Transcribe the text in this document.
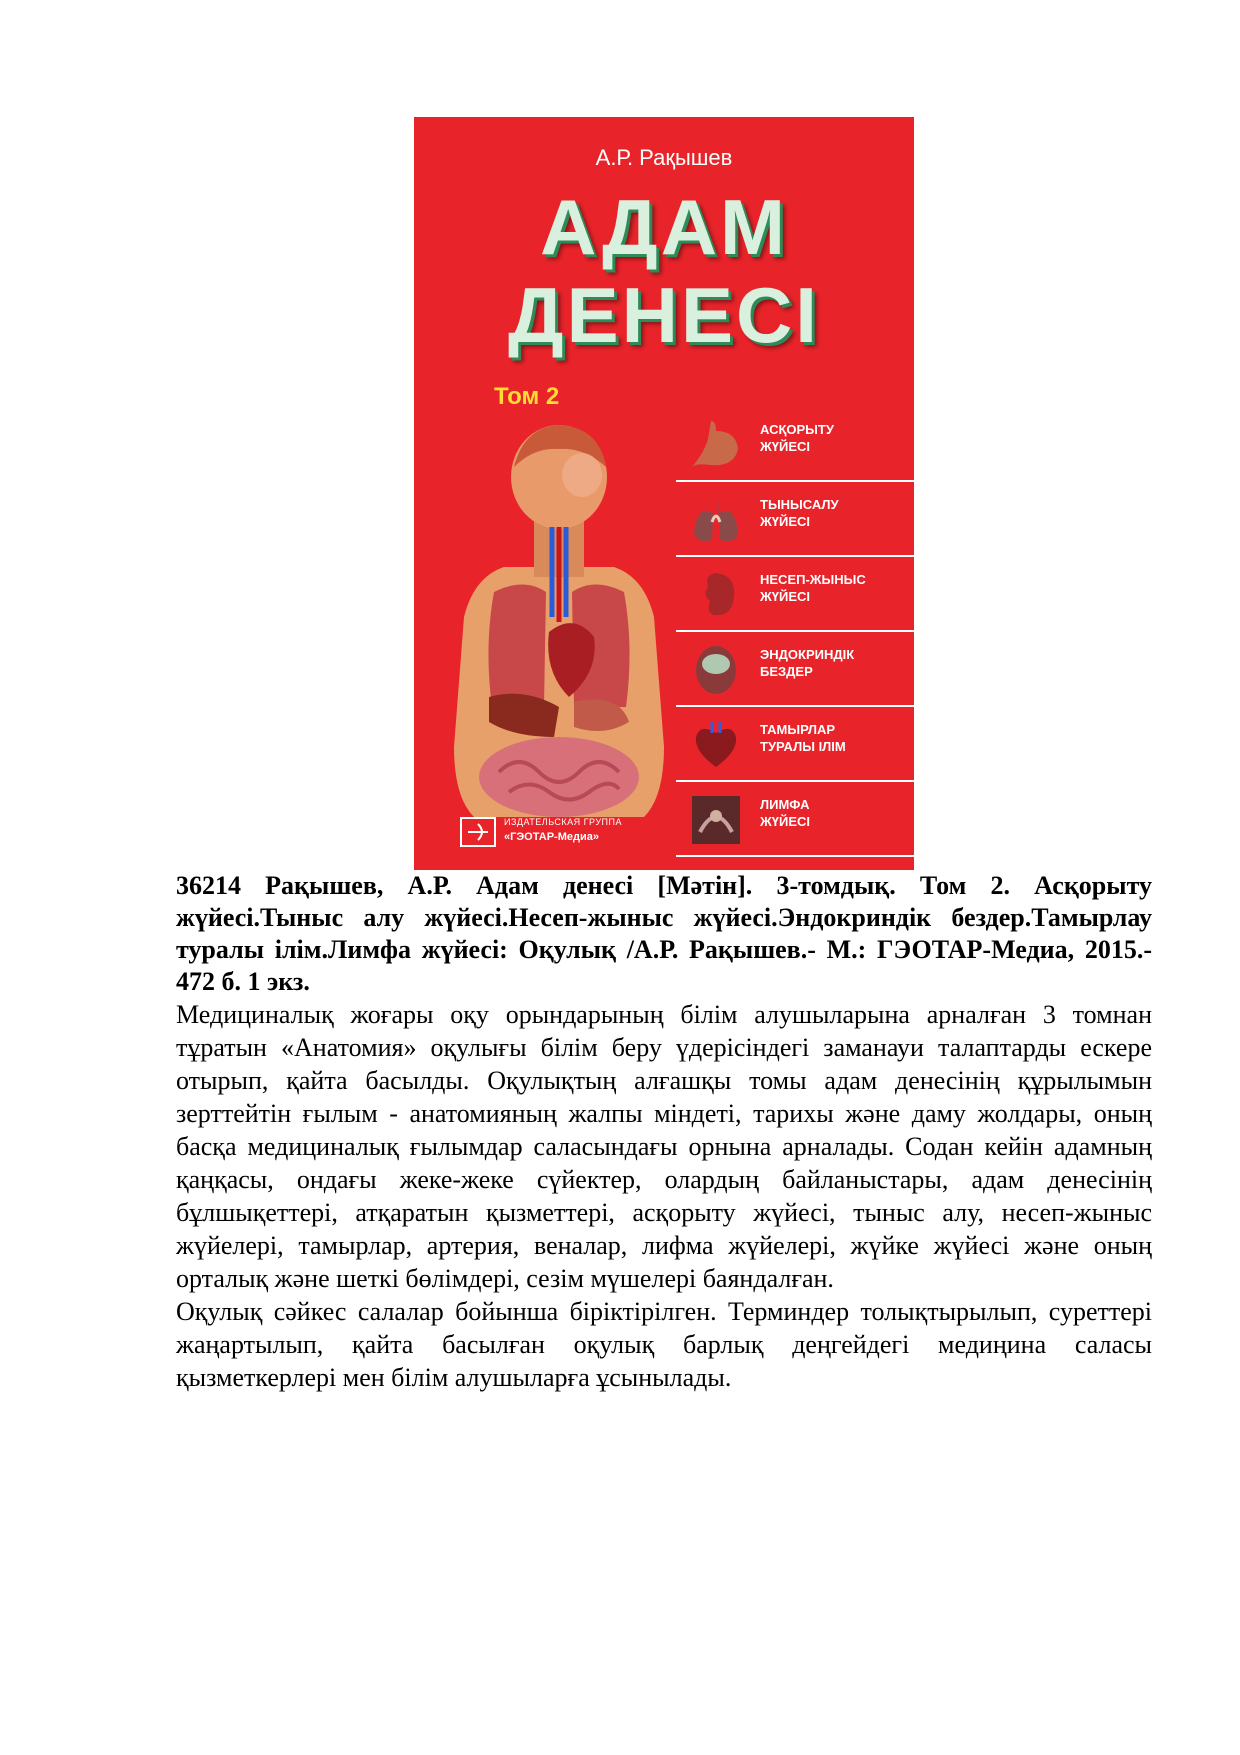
А.Р. Рақышев
АДАМ
ДЕНЕСІ
Том 2
АСҚОРЫТУ
ЖҮЙЕСІ
ТЫНЫСАЛУ
ЖҮЙЕСІ
НЕСЕП-ЖЫНЫС
ЖҮЙЕСІ
ЭНДОКРИНДІК
БЕЗДЕР
ТАМЫРЛАР
ТУРАЛЫ ІЛІМ
ЛИМФА
ЖҮЙЕСІ
ИЗДАТЕЛЬСКАЯ ГРУППА
«ГЭОТАР-Медиа»

36214 Рақышев, А.Р. Адам денесі [Мәтін]. 3-томдық. Том 2. Асқорыту жүйесі.Тыныс алу жүйесі.Несеп-жыныс жүйесі.Эндокриндік бездер.Тамырлау туралы ілім.Лимфа жүйесі: Оқулық /А.Р. Рақышев.- М.: ГЭОТАР-Медиа, 2015.- 472 б. 1 экз.

Медициналық жоғары оқу орындарының білім алушыларына арналған 3 томнан тұратын «Анатомия» оқулығы білім беру үдерісіндегі заманауи талаптарды ескере отырып, қайта басылды. Оқулықтың алғашқы томы адам денесінің құрылымын зерттейтін ғылым - анатомияның жалпы міндеті, тарихы және даму жолдары, оның басқа медициналық ғылымдар саласындағы орнына арналады. Содан кейін адамның қаңқасы, ондағы жеке-жеке сүйектер, олардың байланыстары, адам денесінің бұлшықеттері, атқаратын қызметтері, асқорыту жүйесі, тыныс алу, несеп-жыныс жүйелері, тамырлар, артерия, веналар, лифма жүйелері, жүйке жүйесі және оның орталық және шеткі бөлімдері, сезім мүшелері баяндалған.

Оқулық сәйкес салалар бойынша біріктірілген. Терминдер толықтырылып, суреттері жаңартылып, қайта басылған оқулық барлық деңгейдегі медиңина саласы қызметкерлері мен білім алушыларға ұсынылады.
